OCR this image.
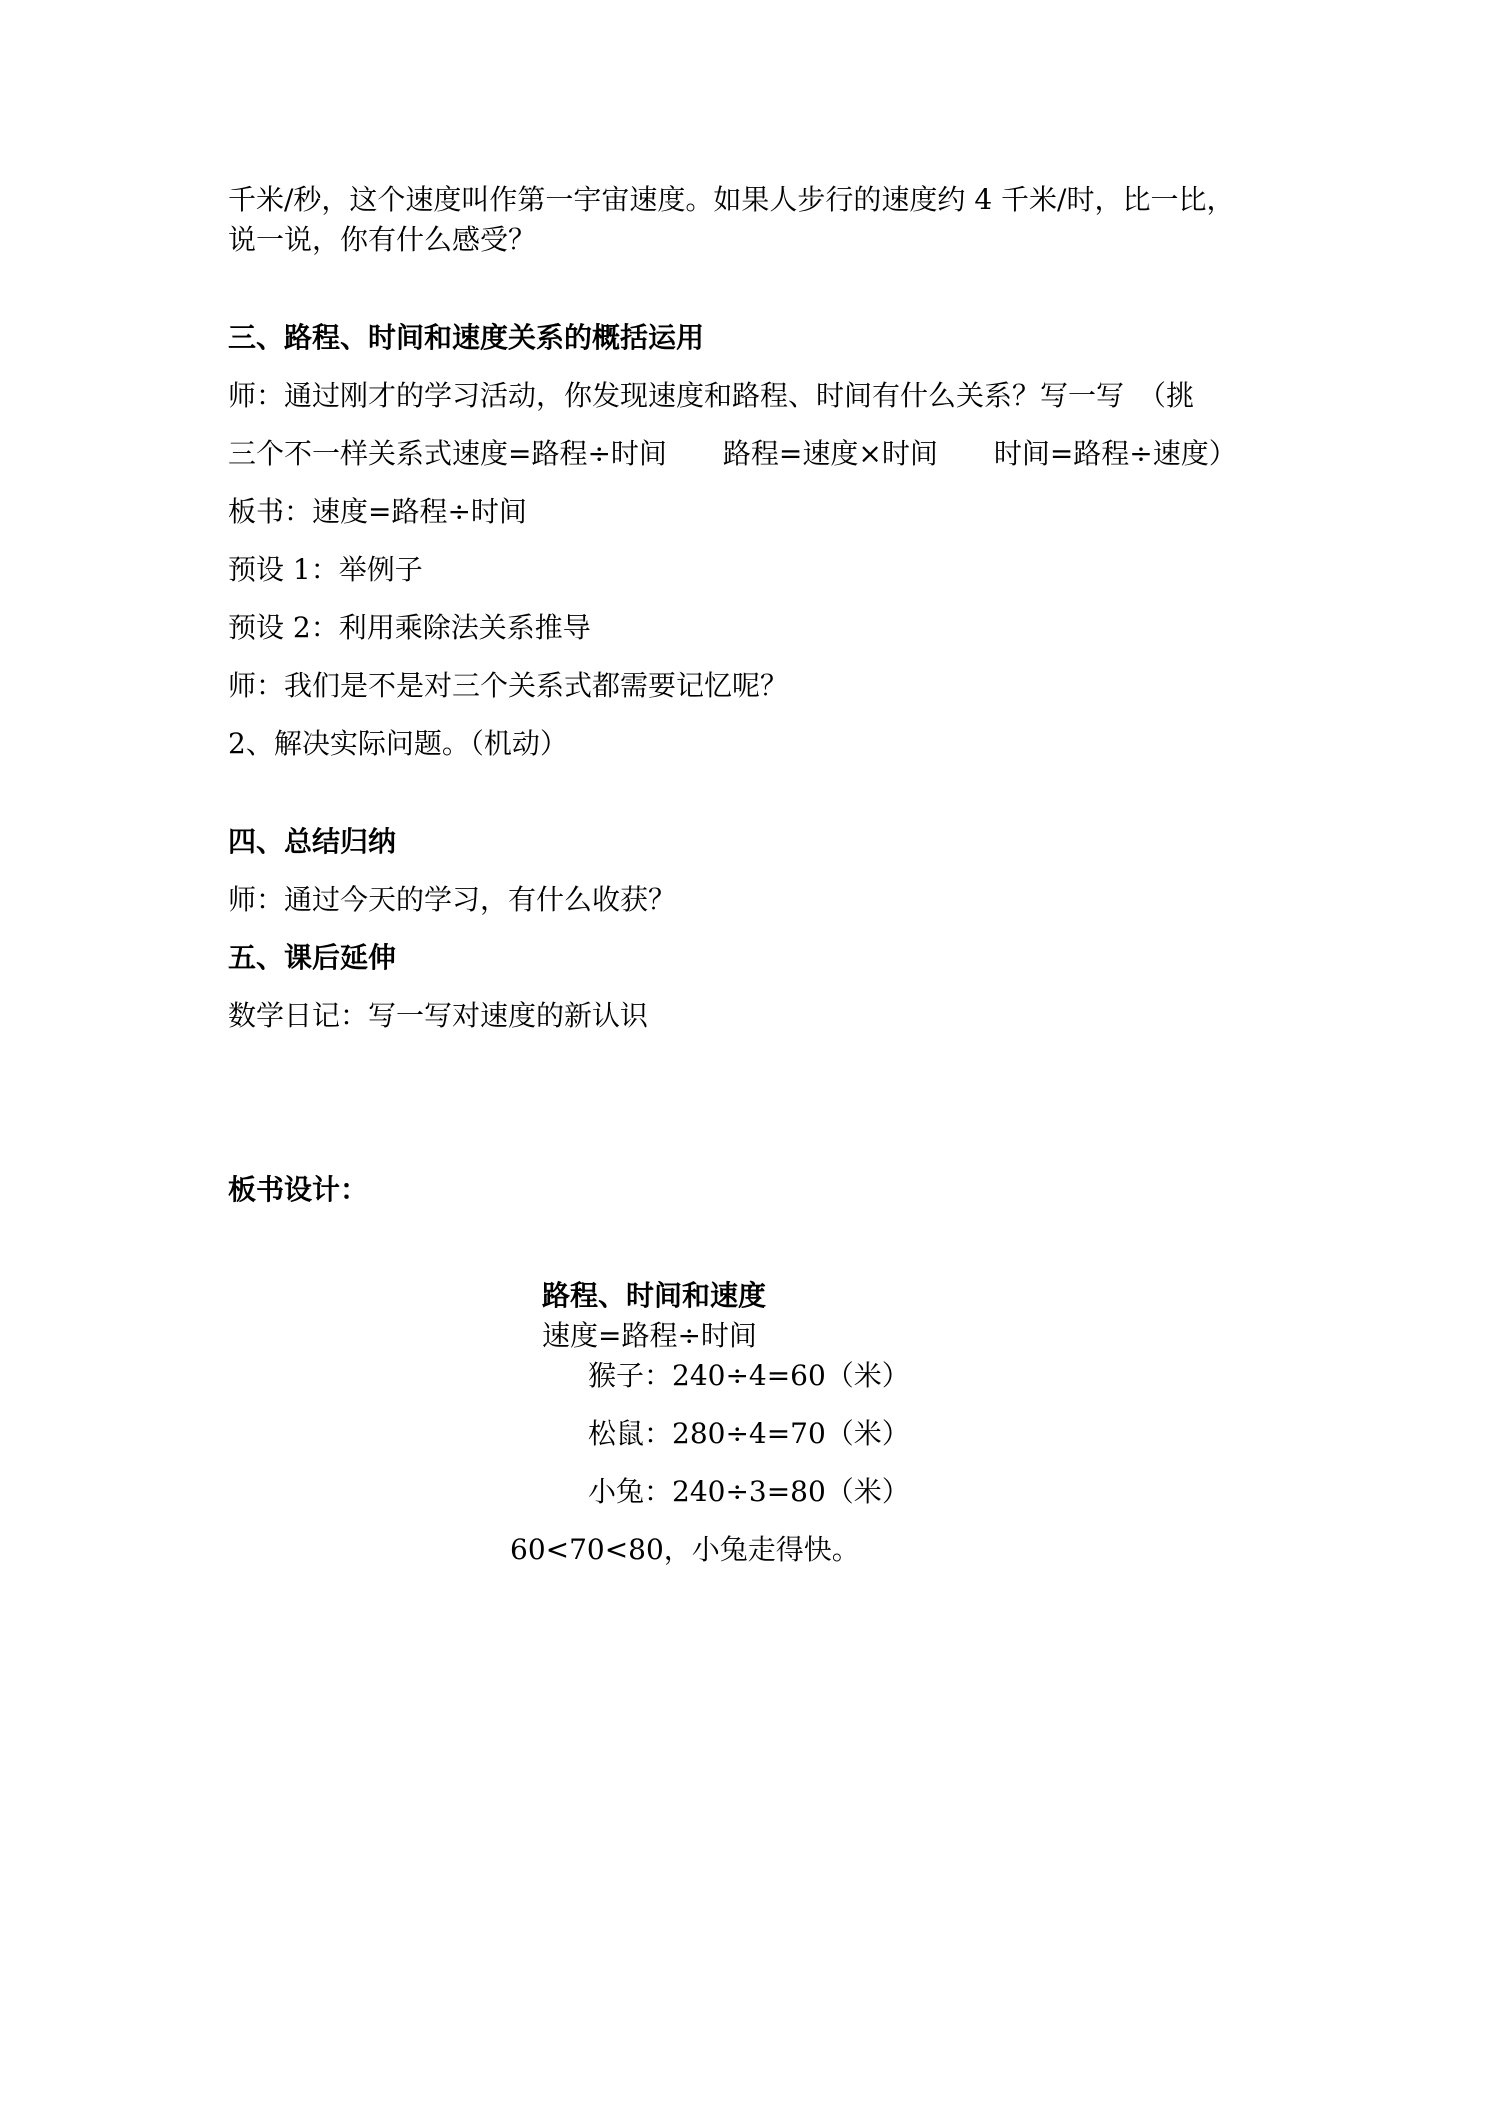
千米/秒，这个速度叫作第一宇宙速度。如果人步行的速度约 4 千米/时，比一比，
说一说，你有什么感受？
三、路程、时间和速度关系的概括运用
师：通过刚才的学习活动，你发现速度和路程、时间有什么关系？写一写　（挑
三个不一样关系式速度=路程÷时间　　路程=速度×时间　　时间=路程÷速度）
板书：速度=路程÷时间
预设 1：举例子
预设 2：利用乘除法关系推导
师：我们是不是对三个关系式都需要记忆呢？
2、解决实际问题。（机动）
四、总结归纳
师：通过今天的学习，有什么收获？
五、课后延伸
数学日记：写一写对速度的新认识
板书设计：
路程、时间和速度
速度=路程÷时间
猴子：240÷4=60（米）
松鼠：280÷4=70（米）
小兔：240÷3=80（米）
60<70<80，小兔走得快。
